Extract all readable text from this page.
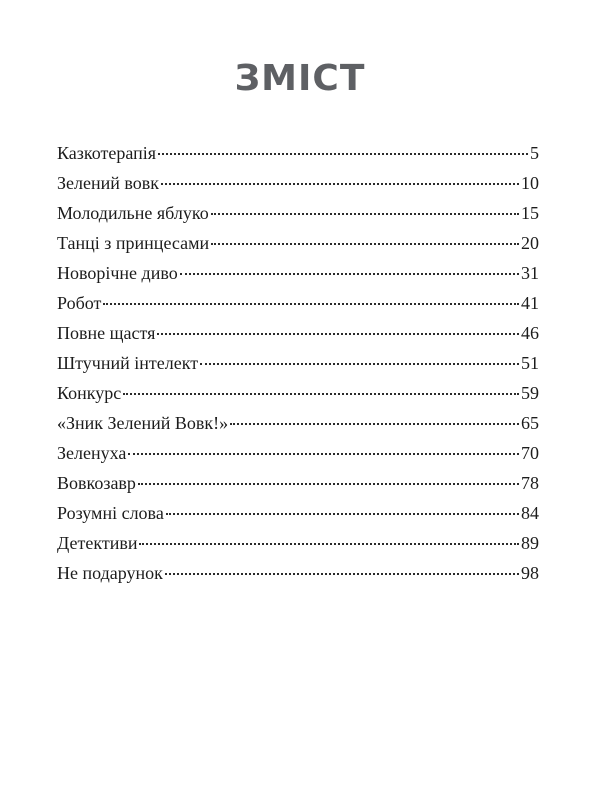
ЗМІСТ
Казкотерапія	5
Зелений вовк	10
Молодильне яблуко	15
Танці з принцесами	20
Новорічне диво	31
Робот	41
Повне щастя	46
Штучний інтелект	51
Конкурс	59
«Зник Зелений Вовк!»	65
Зеленуха	70
Вовкозавр	78
Розумні слова	84
Детективи	89
Не подарунок	98
